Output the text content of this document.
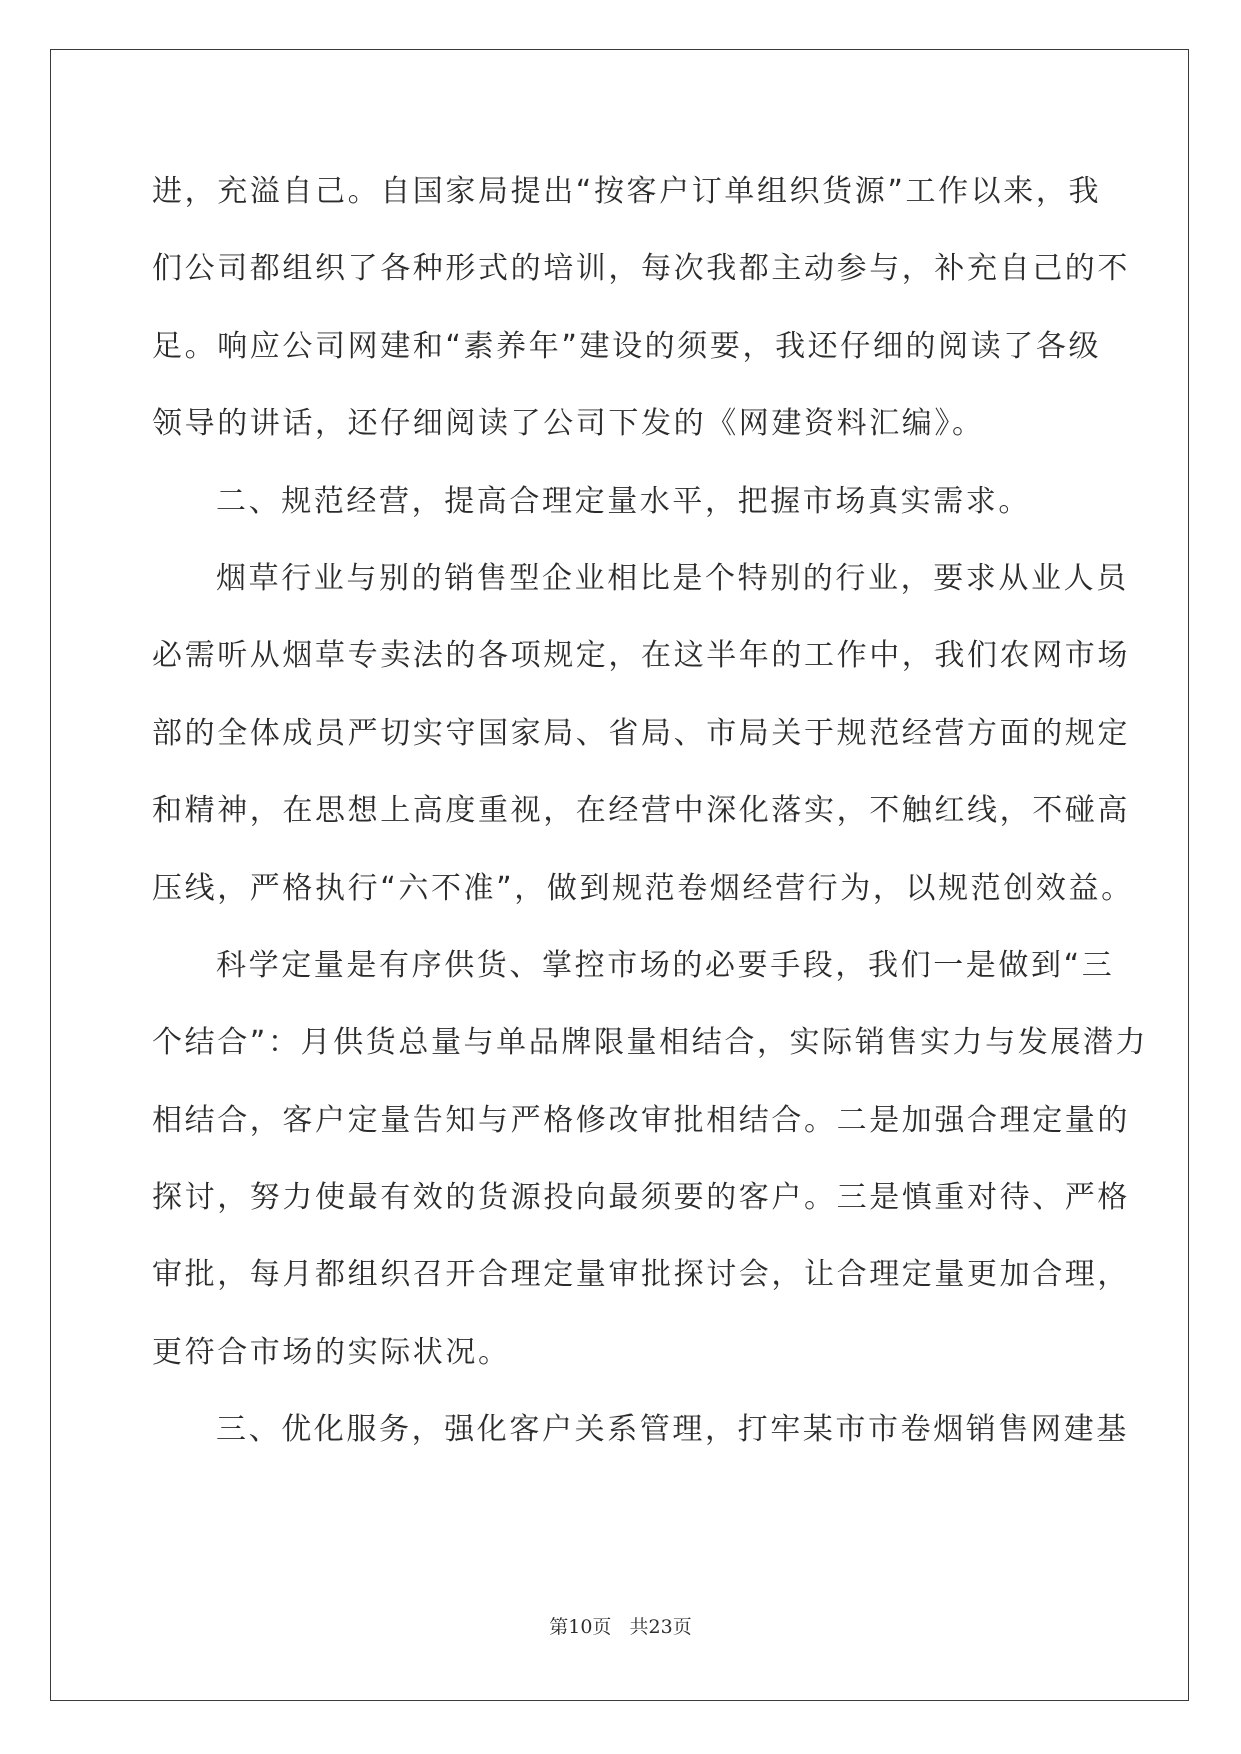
进，充溢自己。自国家局提出“按客户订单组织货源”工作以来，我
们公司都组织了各种形式的培训，每次我都主动参与，补充自己的不
足。响应公司网建和“素养年”建设的须要，我还仔细的阅读了各级
领导的讲话，还仔细阅读了公司下发的《网建资料汇编》。
二、规范经营，提高合理定量水平，把握市场真实需求。
烟草行业与别的销售型企业相比是个特别的行业，要求从业人员
必需听从烟草专卖法的各项规定，在这半年的工作中，我们农网市场
部的全体成员严切实守国家局、省局、市局关于规范经营方面的规定
和精神，在思想上高度重视，在经营中深化落实，不触红线，不碰高
压线，严格执行“六不准”，做到规范卷烟经营行为，以规范创效益。
科学定量是有序供货、掌控市场的必要手段，我们一是做到“三
个结合”：月供货总量与单品牌限量相结合，实际销售实力与发展潜力
相结合，客户定量告知与严格修改审批相结合。二是加强合理定量的
探讨，努力使最有效的货源投向最须要的客户。三是慎重对待、严格
审批，每月都组织召开合理定量审批探讨会，让合理定量更加合理，
更符合市场的实际状况。
三、优化服务，强化客户关系管理，打牢某市市卷烟销售网建基
第10页   共23页
